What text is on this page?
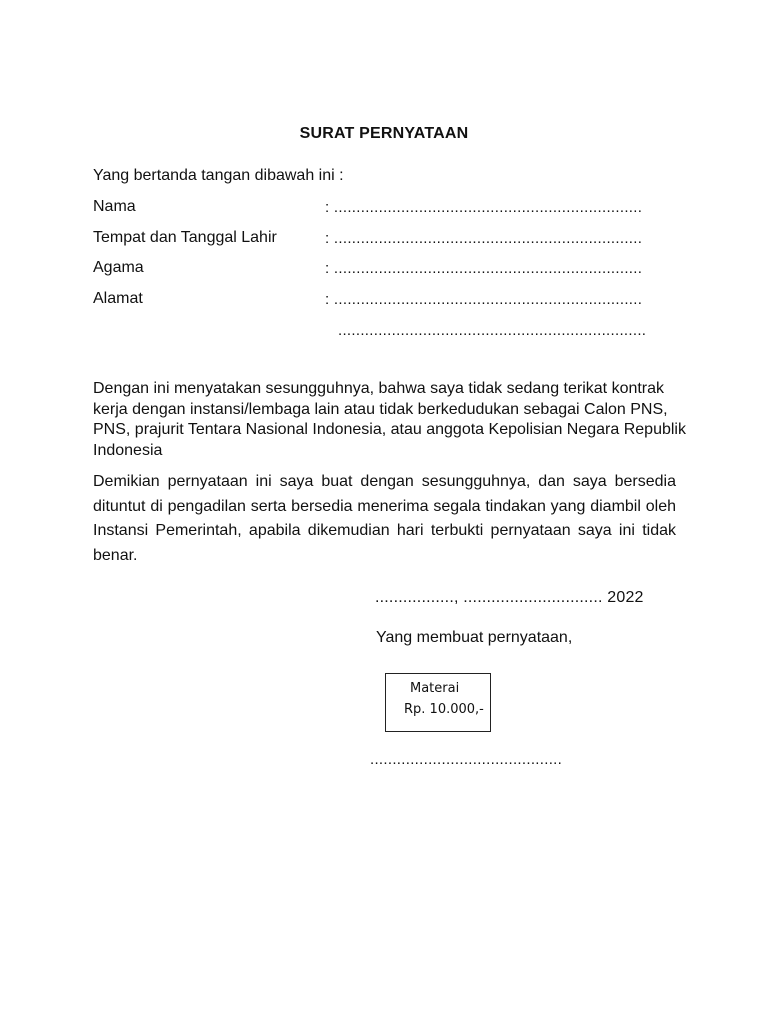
SURAT PERNYATAAN
Yang bertanda tangan dibawah ini :
Nama	: .....................................................................
Tempat dan Tanggal Lahir	: .....................................................................
Agama	: .....................................................................
Alamat	: .....................................................................
.....................................................................
Dengan ini menyatakan sesungguhnya, bahwa saya tidak sedang terikat kontrak
kerja dengan instansi/lembaga lain atau tidak berkedudukan sebagai Calon PNS,
PNS, prajurit Tentara Nasional Indonesia, atau anggota Kepolisian Negara Republik
Indonesia
Demikian pernyataan ini saya buat dengan sesungguhnya, dan saya bersedia
dituntut di pengadilan serta bersedia menerima segala tindakan yang diambil oleh
Instansi Pemerintah, apabila dikemudian hari terbukti pernyataan saya ini tidak
benar.
................., .............................. 2022
Yang membuat pernyataan,
Materai
Rp. 10.000,-
...........................................
